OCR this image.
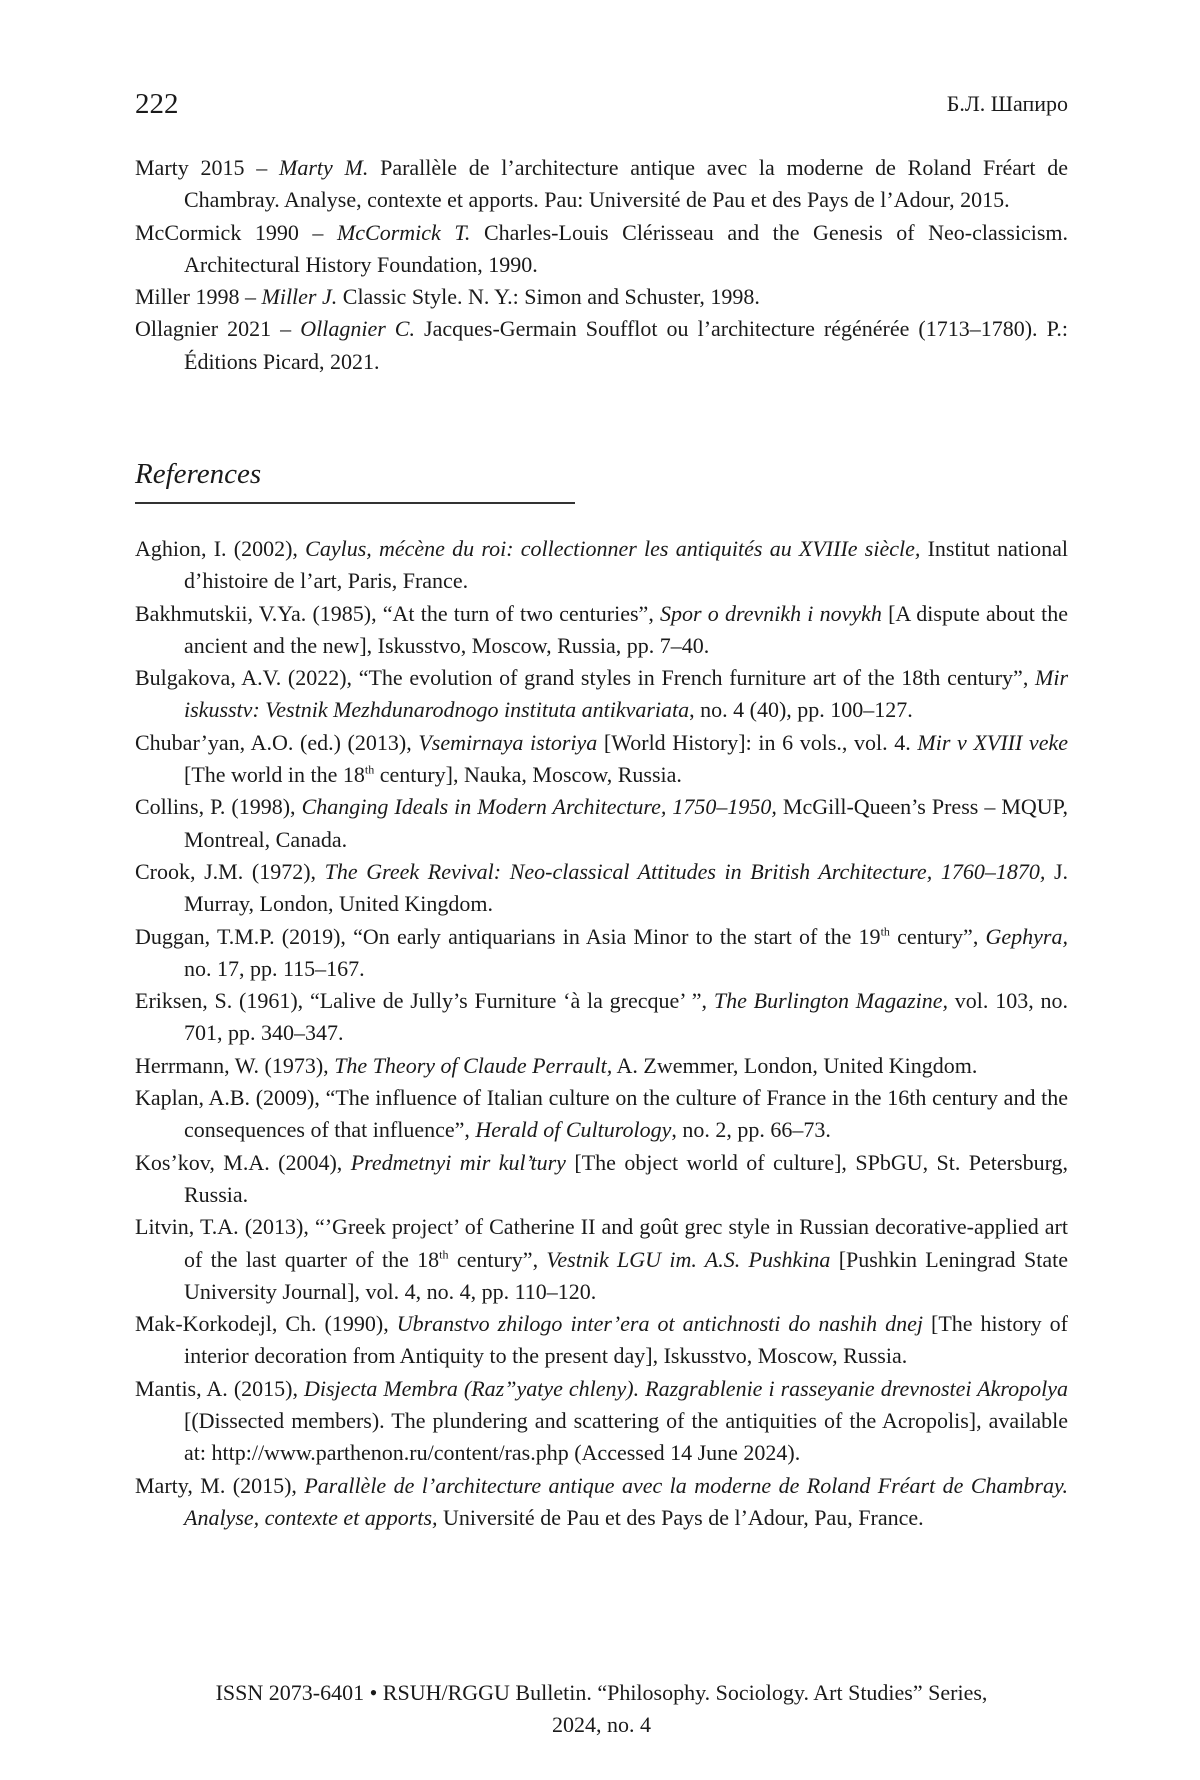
222	Б.Л. Шапиро

Marty 2015 – Marty M. Parallèle de l’architecture antique avec la moderne de Roland Fréart de Chambray. Analyse, contexte et apports. Pau: Université de Pau et des Pays de l’Adour, 2015.

McCormick 1990 – McCormick T. Charles-Louis Clérisseau and the Genesis of Neo-classicism. Architectural History Foundation, 1990.

Miller 1998 – Miller J. Classic Style. N. Y.: Simon and Schuster, 1998.

Ollagnier 2021 – Ollagnier C. Jacques-Germain Soufflot ou l’architecture régénérée (1713–1780). P.: Éditions Picard, 2021.

References

Aghion, I. (2002), Caylus, mécène du roi: collectionner les antiquités au XVIIIe siècle, Institut national d’histoire de l’art, Paris, France.

Bakhmutskii, V.Ya. (1985), “At the turn of two centuries”, Spor o drevnikh i novykh [A dispute about the ancient and the new], Iskusstvo, Moscow, Russia, pp. 7–40.

Bulgakova, A.V. (2022), “The evolution of grand styles in French furniture art of the 18th century”, Mir iskusstv: Vestnik Mezhdunarodnogo instituta antikvariata, no. 4 (40), pp. 100–127.

Chubar’yan, A.O. (ed.) (2013), Vsemirnaya istoriya [World History]: in 6 vols., vol. 4. Mir v XVIII veke [The world in the 18th century], Nauka, Moscow, Russia.

Collins, P. (1998), Changing Ideals in Modern Architecture, 1750–1950, McGill-Queen’s Press – MQUP, Montreal, Canada.

Crook, J.M. (1972), The Greek Revival: Neo-classical Attitudes in British Architecture, 1760–1870, J. Murray, London, United Kingdom.

Duggan, T.M.P. (2019), “On early antiquarians in Asia Minor to the start of the 19th century”, Gephyra, no. 17, pp. 115–167.

Eriksen, S. (1961), “Lalive de Jully’s Furniture ‘à la grecque’ ”, The Burlington Magazine, vol. 103, no. 701, pp. 340–347.

Herrmann, W. (1973), The Theory of Claude Perrault, A. Zwemmer, London, United Kingdom.

Kaplan, A.B. (2009), “The influence of Italian culture on the culture of France in the 16th century and the consequences of that influence”, Herald of Culturology, no. 2, pp. 66–73.

Kos’kov, M.A. (2004), Predmetnyi mir kul’tury [The object world of culture], SPbGU, St. Petersburg, Russia.

Litvin, T.A. (2013), “’Greek project’ of Catherine II and goût grec style in Russian decorative-applied art of the last quarter of the 18th century”, Vestnik LGU im. A.S. Pushkina [Pushkin Leningrad State University Journal], vol. 4, no. 4, pp. 110–120.

Mak-Korkodejl, Ch. (1990), Ubranstvo zhilogo inter’era ot antichnosti do nashih dnej [The history of interior decoration from Antiquity to the present day], Iskusstvo, Moscow, Russia.

Mantis, A. (2015), Disjecta Membra (Raz”yatye chleny). Razgrablenie i rasseyanie drevnostei Akropolya [(Dissected members). The plundering and scattering of the antiquities of the Acropolis], available at: http://www.parthenon.ru/content/ras.php (Accessed 14 June 2024).

Marty, M. (2015), Parallèle de l’architecture antique avec la moderne de Roland Fréart de Chambray. Analyse, contexte et apports, Université de Pau et des Pays de l’Adour, Pau, France.

ISSN 2073-6401 • RSUH/RGGU Bulletin. “Philosophy. Sociology. Art Studies” Series,
2024, no. 4
